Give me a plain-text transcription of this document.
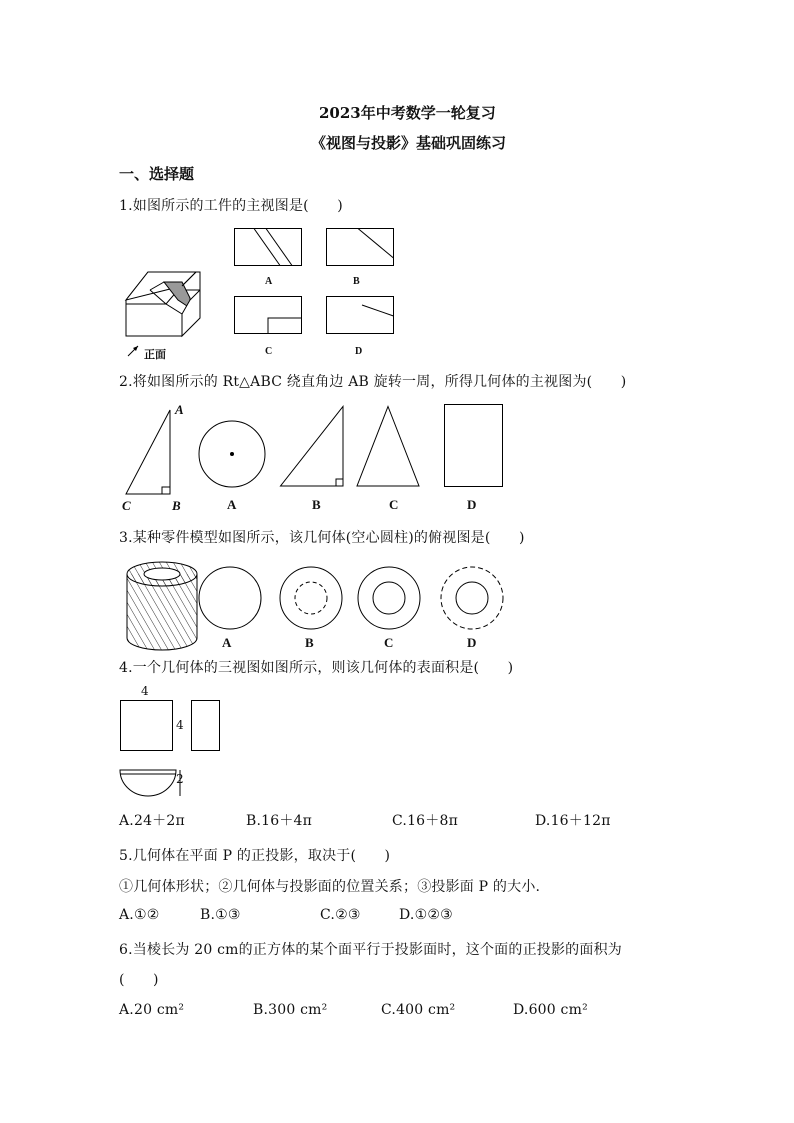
2023年中考数学一轮复习
《视图与投影》基础巩固练习
一、选择题
1.如图所示的工件的主视图是(　　)
正面
A	B
C	D
2.将如图所示的 Rt△ABC 绕直角边 AB 旋转一周，所得几何体的主视图为(　　)
A
B
C	A	B	C	D
3.某种零件模型如图所示，该几何体(空心圆柱)的俯视图是(　　)
A	B	C	D
4.一个几何体的三视图如图所示，则该几何体的表面积是(　　)
4
4
2
A.24＋2π	B.16＋4π	C.16＋8π	D.16＋12π
5.几何体在平面 P 的正投影，取决于(　　)
①几何体形状；②几何体与投影面的位置关系；③投影面 P 的大小.
A.①②	B.①③	C.②③	D.①②③
6.当棱长为 20 cm的正方体的某个面平行于投影面时，这个面的正投影的面积为
(　　)
A.20 cm²	B.300 cm²	C.400 cm²	D.600 cm²
